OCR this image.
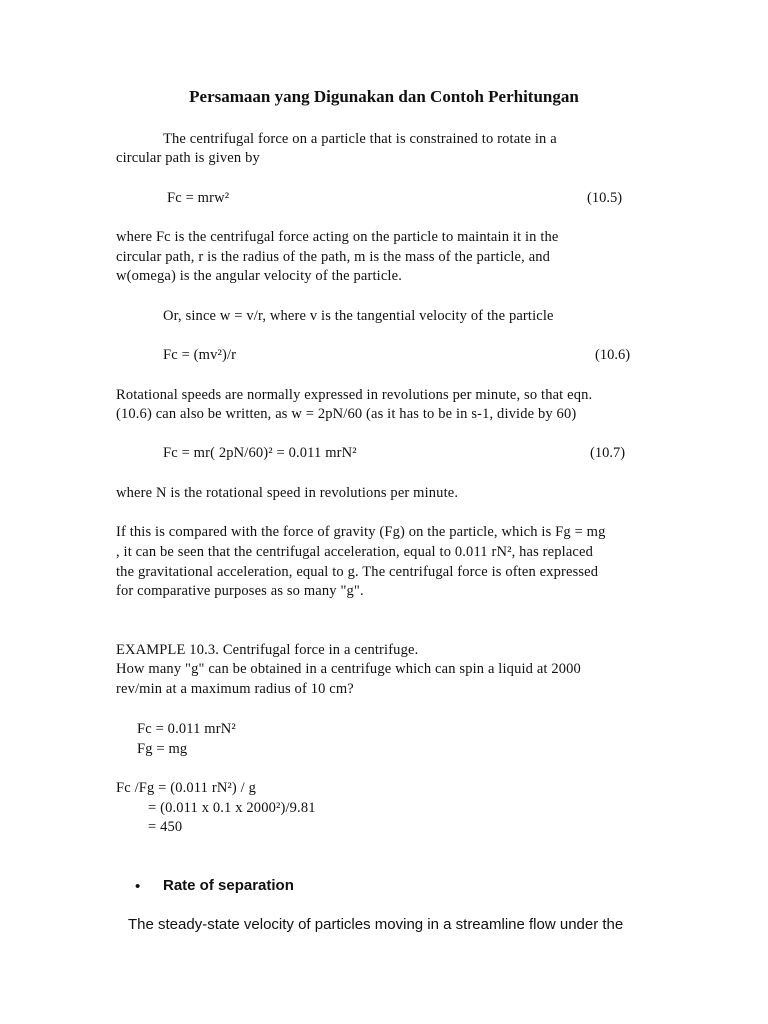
Persamaan yang Digunakan dan Contoh Perhitungan
The centrifugal force on a particle that is constrained to rotate in a
circular path is given by
Fc = mrw²	(10.5)
where Fc is the centrifugal force acting on the particle to maintain it in the
circular path, r is the radius of the path, m is the mass of the particle, and
w(omega) is the angular velocity of the particle.
Or, since w = v/r, where v is the tangential velocity of the particle
Fc = (mv²)/r	(10.6)
Rotational speeds are normally expressed in revolutions per minute, so that eqn.
(10.6) can also be written, as w = 2pN/60 (as it has to be in s-1, divide by 60)
Fc = mr( 2pN/60)² = 0.011 mrN²	(10.7)
where N is the rotational speed in revolutions per minute.
If this is compared with the force of gravity (Fg) on the particle, which is Fg = mg
, it can be seen that the centrifugal acceleration, equal to 0.011 rN², has replaced
the gravitational acceleration, equal to g. The centrifugal force is often expressed
for comparative purposes as so many "g".
EXAMPLE 10.3. Centrifugal force in a centrifuge.
How many "g" can be obtained in a centrifuge which can spin a liquid at 2000
rev/min at a maximum radius of 10 cm?
Fc = 0.011 mrN²
Fg = mg
Fc /Fg = (0.011 rN²) / g
= (0.011 x 0.1 x 2000²)/9.81
= 450
• Rate of separation
The steady-state velocity of particles moving in a streamline flow under the
